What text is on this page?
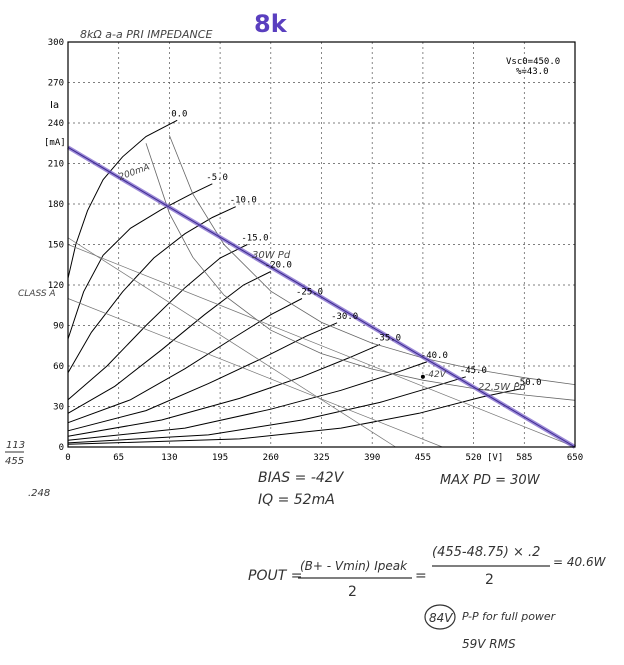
0	65	130	195	260	325	390	455	520	585	650
0
30
60
90
120
150
180
210
240
270
300
0.0
-5.0
-10.0
-15.0
-20.0
-25.0
-30.0
-35.0
-40.0
-45.0
-50.0
8kΩ a-a PRI IMPEDANCE 8k
Ia
[mA]
[V]
Vsc0=450.0
%=43.0
CLASS A
200mA
30W Pd
22.5W Pd
-42V
BIAS = -42V
IQ = 52mA
MAX PD = 30W
POUT =
(B+ - Vmin) Ipeak
2
=
(455-48.75) × .2
2
= 40.6W
84V P-P for full power
59V RMS
113
455
.248
